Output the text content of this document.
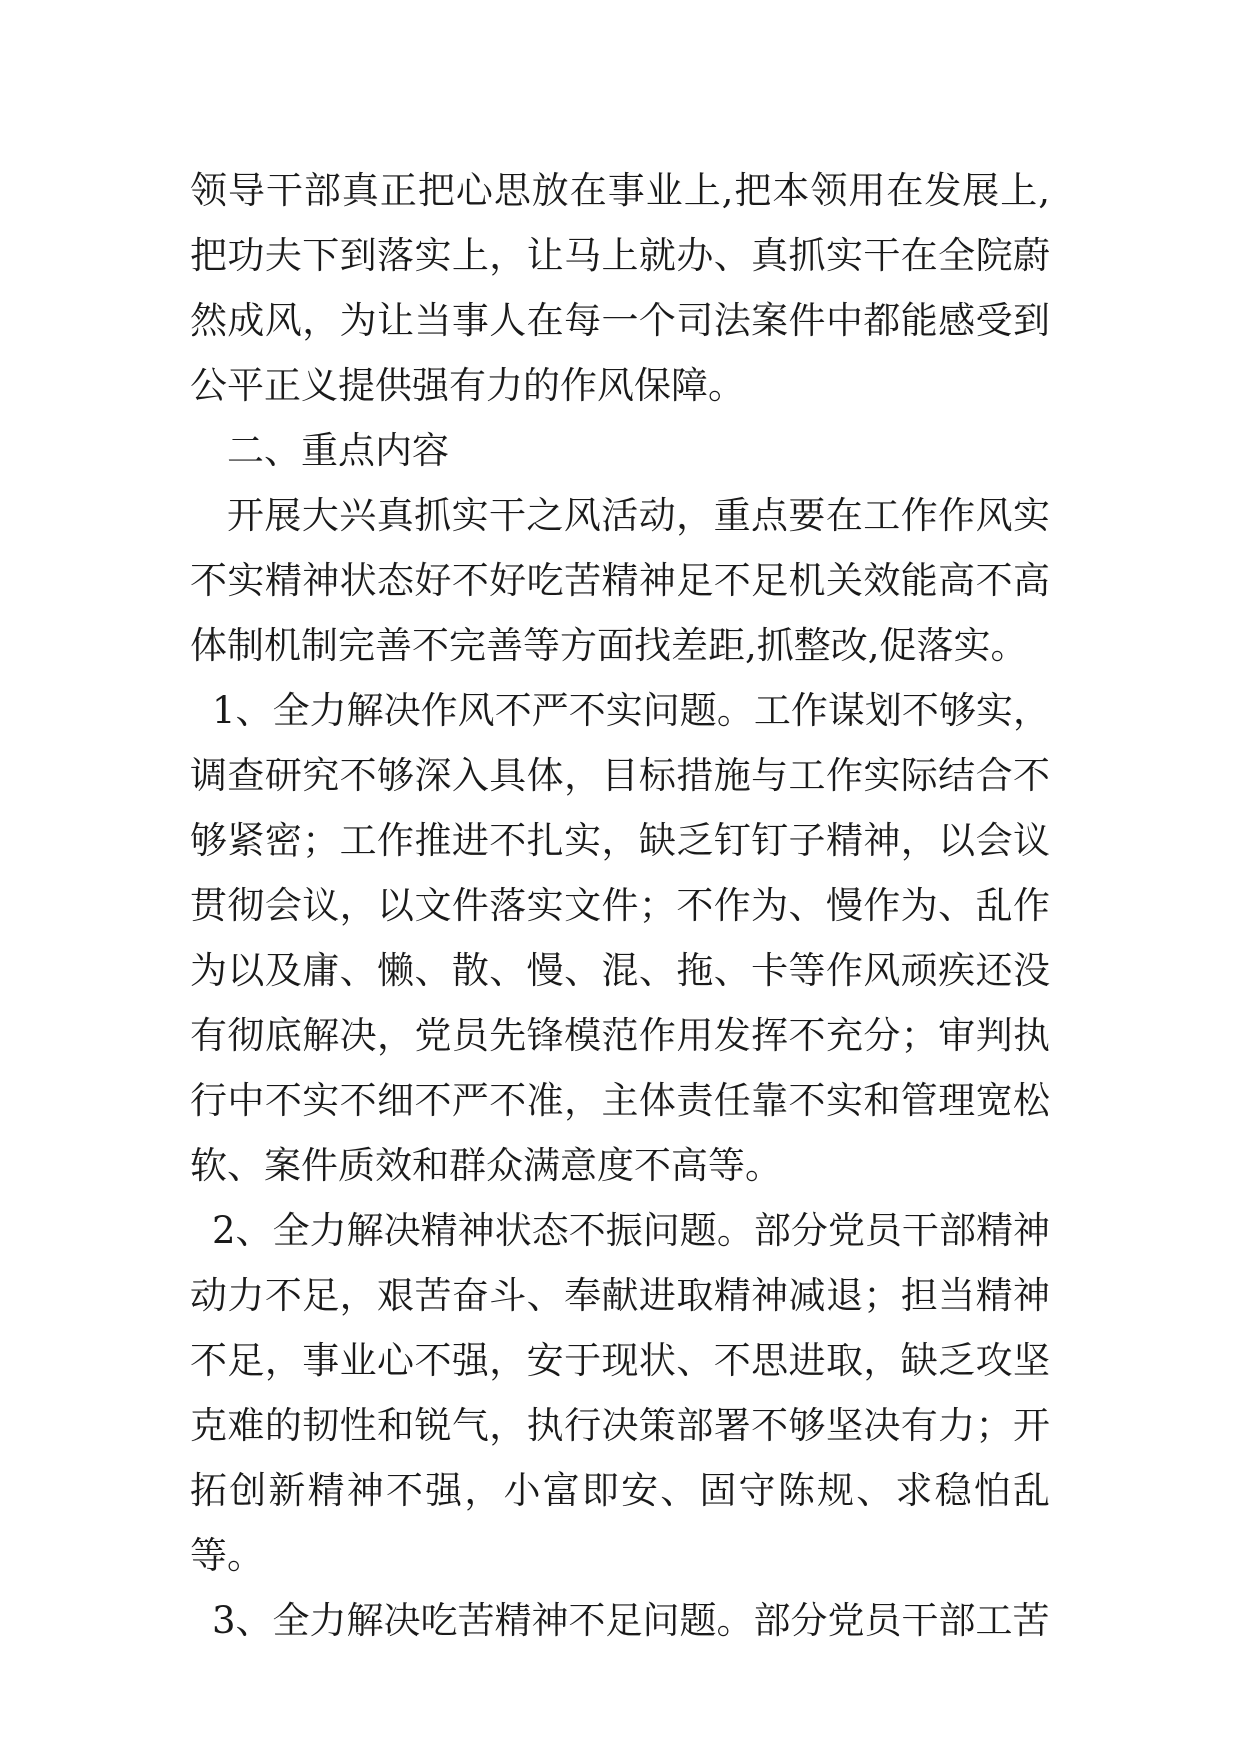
领导干部真正把心思放在事业上,把本领用在发展上,把功夫下到落实上，让马上就办、真抓实干在全院蔚然成风，为让当事人在每一个司法案件中都能感受到公平正义提供强有力的作风保障。

二、重点内容

开展大兴真抓实干之风活动，重点要在工作作风实不实精神状态好不好吃苦精神足不足机关效能高不高体制机制完善不完善等方面找差距,抓整改,促落实。

1、全力解决作风不严不实问题。工作谋划不够实，调查研究不够深入具体，目标措施与工作实际结合不够紧密；工作推进不扎实，缺乏钉钉子精神，以会议贯彻会议，以文件落实文件；不作为、慢作为、乱作为以及庸、懒、散、慢、混、拖、卡等作风顽疾还没有彻底解决，党员先锋模范作用发挥不充分；审判执行中不实不细不严不准，主体责任靠不实和管理宽松软、案件质效和群众满意度不高等。

2、全力解决精神状态不振问题。部分党员干部精神动力不足，艰苦奋斗、奉献进取精神减退；担当精神不足，事业心不强，安于现状、不思进取，缺乏攻坚克难的韧性和锐气，执行决策部署不够坚决有力；开拓创新精神不强，小富即安、固守陈规、求稳怕乱等。

3、全力解决吃苦精神不足问题。部分党员干部工苦
